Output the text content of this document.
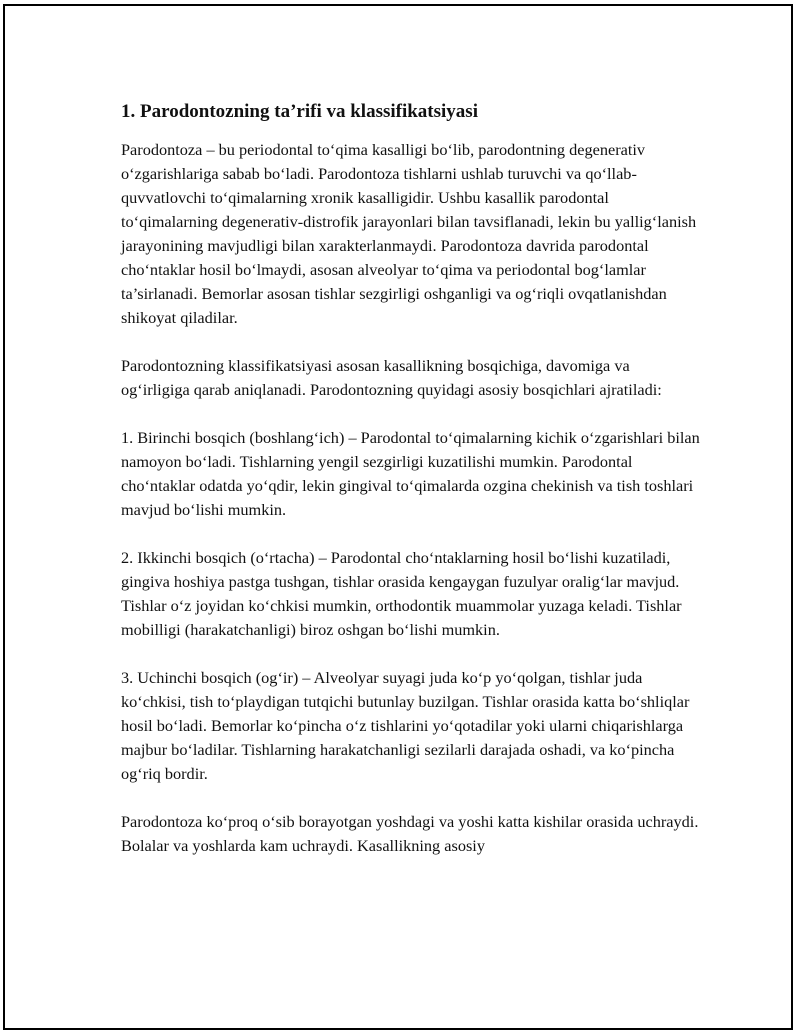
1. Parodontozning ta’rifi va klassifikatsiyasi

Parodontoza – bu periodontal to‘qima kasalligi bo‘lib, parodontning degenerativ o‘zgarishlariga sabab bo‘ladi. Parodontoza tishlarni ushlab turuvchi va qo‘llab-quvvatlovchi to‘qimalarning xronik kasalligidir. Ushbu kasallik parodontal to‘qimalarning degenerativ-distrofik jarayonlari bilan tavsiflanadi, lekin bu yallig‘lanish jarayonining mavjudligi bilan xarakterlanmaydi. Parodontoza davrida parodontal cho‘ntaklar hosil bo‘lmaydi, asosan alveolyar to‘qima va periodontal bog‘lamlar ta’sirlanadi. Bemorlar asosan tishlar sezgirligi oshganligi va og‘riqli ovqatlanishdan shikoyat qiladilar.

Parodontozning klassifikatsiyasi asosan kasallikning bosqichiga, davomiga va og‘irligiga qarab aniqlanadi. Parodontozning quyidagi asosiy bosqichlari ajratiladi:

1. Birinchi bosqich (boshlang‘ich) – Parodontal to‘qimalarning kichik o‘zgarishlari bilan namoyon bo‘ladi. Tishlarning yengil sezgirligi kuzatilishi mumkin. Parodontal cho‘ntaklar odatda yo‘qdir, lekin gingival to‘qimalarda ozgina chekinish va tish toshlari mavjud bo‘lishi mumkin.

2. Ikkinchi bosqich (o‘rtacha) – Parodontal cho‘ntaklarning hosil bo‘lishi kuzatiladi, gingiva hoshiya pastga tushgan, tishlar orasida kengaygan fuzulyar oralig‘lar mavjud. Tishlar o‘z joyidan ko‘chkisi mumkin, orthodontik muammolar yuzaga keladi. Tishlar mobilligi (harakatchanligi) biroz oshgan bo‘lishi mumkin.

3. Uchinchi bosqich (og‘ir) – Alveolyar suyagi juda ko‘p yo‘qolgan, tishlar juda ko‘chkisi, tish to‘playdigan tutqichi butunlay buzilgan. Tishlar orasida katta bo‘shliqlar hosil bo‘ladi. Bemorlar ko‘pincha o‘z tishlarini yo‘qotadilar yoki ularni chiqarishlarga majbur bo‘ladilar. Tishlarning harakatchanligi sezilarli darajada oshadi, va ko‘pincha og‘riq bordir.

Parodontoza ko‘proq o‘sib borayotgan yoshdagi va yoshi katta kishilar orasida uchraydi. Bolalar va yoshlarda kam uchraydi. Kasallikning asosiy
